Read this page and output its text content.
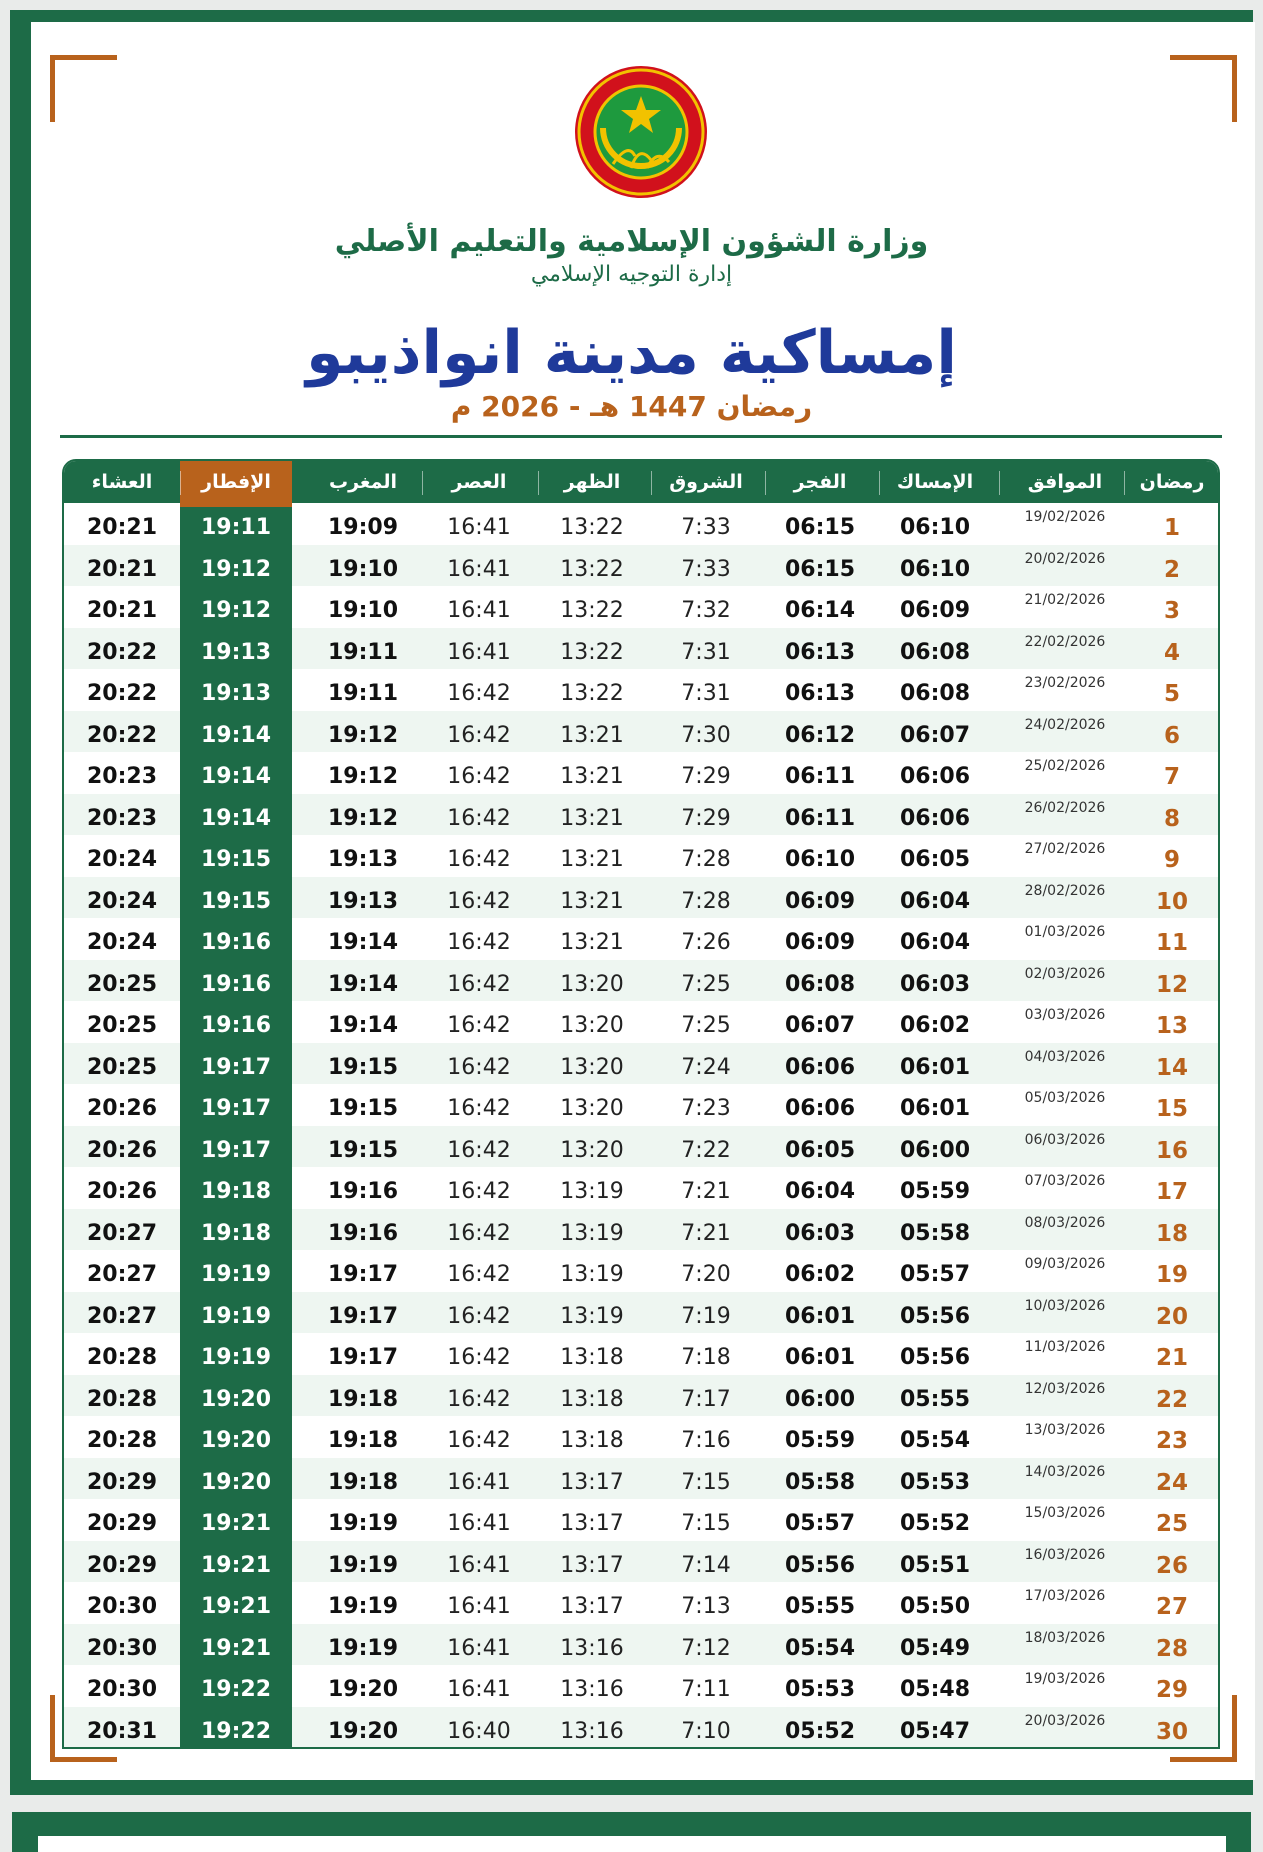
وزارة الشؤون الإسلامية والتعليم الأصلي
إدارة التوجيه الإسلامي
إمساكية مدينة انواذيبو
رمضان 1447 هـ - 2026 م
1
19/02/2026
06:10
06:15
7:33
13:22
16:41
19:09
19:11
20:21
2
20/02/2026
06:10
06:15
7:33
13:22
16:41
19:10
19:12
20:21
3
21/02/2026
06:09
06:14
7:32
13:22
16:41
19:10
19:12
20:21
4
22/02/2026
06:08
06:13
7:31
13:22
16:41
19:11
19:13
20:22
5
23/02/2026
06:08
06:13
7:31
13:22
16:42
19:11
19:13
20:22
6
24/02/2026
06:07
06:12
7:30
13:21
16:42
19:12
19:14
20:22
7
25/02/2026
06:06
06:11
7:29
13:21
16:42
19:12
19:14
20:23
8
26/02/2026
06:06
06:11
7:29
13:21
16:42
19:12
19:14
20:23
9
27/02/2026
06:05
06:10
7:28
13:21
16:42
19:13
19:15
20:24
10
28/02/2026
06:04
06:09
7:28
13:21
16:42
19:13
19:15
20:24
11
01/03/2026
06:04
06:09
7:26
13:21
16:42
19:14
19:16
20:24
12
02/03/2026
06:03
06:08
7:25
13:20
16:42
19:14
19:16
20:25
13
03/03/2026
06:02
06:07
7:25
13:20
16:42
19:14
19:16
20:25
14
04/03/2026
06:01
06:06
7:24
13:20
16:42
19:15
19:17
20:25
15
05/03/2026
06:01
06:06
7:23
13:20
16:42
19:15
19:17
20:26
16
06/03/2026
06:00
06:05
7:22
13:20
16:42
19:15
19:17
20:26
17
07/03/2026
05:59
06:04
7:21
13:19
16:42
19:16
19:18
20:26
18
08/03/2026
05:58
06:03
7:21
13:19
16:42
19:16
19:18
20:27
19
09/03/2026
05:57
06:02
7:20
13:19
16:42
19:17
19:19
20:27
20
10/03/2026
05:56
06:01
7:19
13:19
16:42
19:17
19:19
20:27
21
11/03/2026
05:56
06:01
7:18
13:18
16:42
19:17
19:19
20:28
22
12/03/2026
05:55
06:00
7:17
13:18
16:42
19:18
19:20
20:28
23
13/03/2026
05:54
05:59
7:16
13:18
16:42
19:18
19:20
20:28
24
14/03/2026
05:53
05:58
7:15
13:17
16:41
19:18
19:20
20:29
25
15/03/2026
05:52
05:57
7:15
13:17
16:41
19:19
19:21
20:29
26
16/03/2026
05:51
05:56
7:14
13:17
16:41
19:19
19:21
20:29
27
17/03/2026
05:50
05:55
7:13
13:17
16:41
19:19
19:21
20:30
28
18/03/2026
05:49
05:54
7:12
13:16
16:41
19:19
19:21
20:30
29
19/03/2026
05:48
05:53
7:11
13:16
16:41
19:20
19:22
20:30
30
20/03/2026
05:47
05:52
7:10
13:16
16:40
19:20
19:22
20:31
رمضان
الموافق
الإمساك
الفجر
الشروق
الظهر
العصر
المغرب
الإفطار
العشاء
